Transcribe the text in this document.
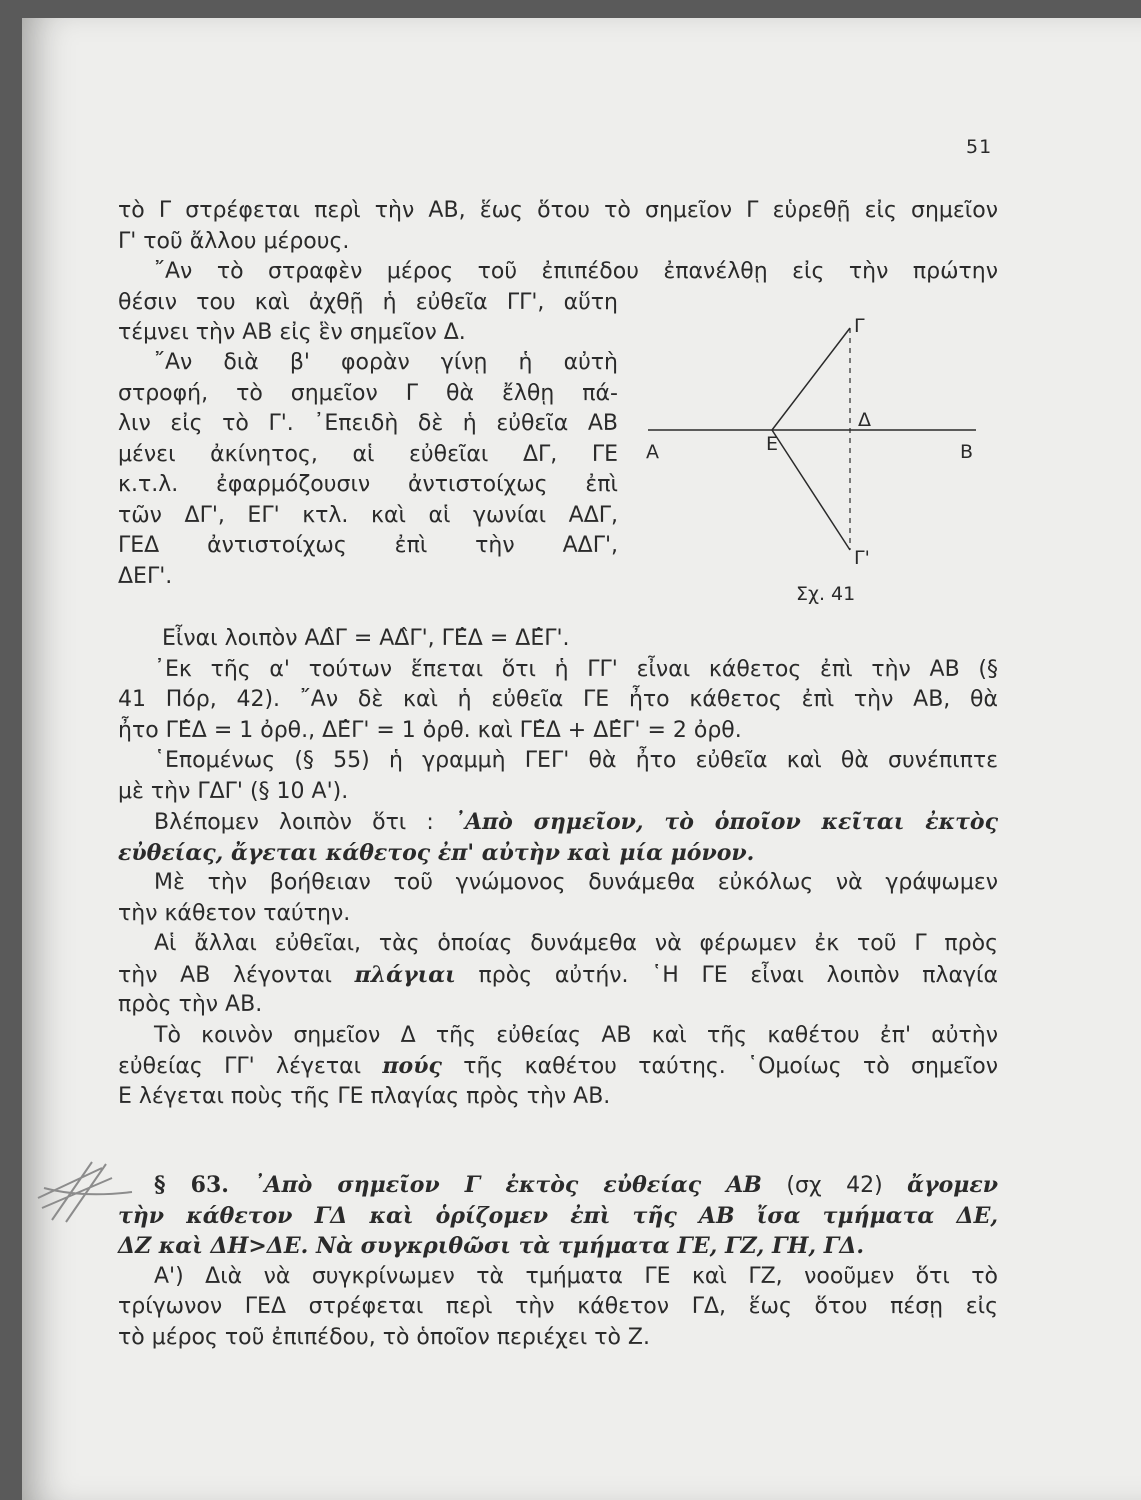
51
τὸ Γ στρέφεται περὶ τὴν ΑΒ, ἕως ὅτου τὸ σημεῖον Γ εὑρεθῇ εἰς σημεῖον
Γ' τοῦ ἄλλου μέρους.
῎Αν τὸ στραφὲν μέρος τοῦ ἐπιπέδου ἐπανέλθῃ εἰς τὴν πρώτην
θέσιν του καὶ ἀχθῇ ἡ εὐθεῖα ΓΓ', αὕτη
τέμνει τὴν ΑΒ εἰς ἓν σημεῖον Δ.
῎Αν διὰ β' φορὰν γίνῃ ἡ αὐτὴ
στροφή, τὸ σημεῖον Γ θὰ ἔλθῃ πά-
λιν εἰς τὸ Γ'. ᾿Επειδὴ δὲ ἡ εὐθεῖα ΑΒ
μένει ἀκίνητος, αἱ εὐθεῖαι ΔΓ, ΓΕ
κ.τ.λ. ἐφαρμόζουσιν ἀντιστοίχως ἐπὶ
τῶν ΔΓ', ΕΓ' κτλ. καὶ αἱ γωνίαι ΑΔΓ,
ΓΕΔ ἀντιστοίχως ἐπὶ τὴν ΑΔΓ',
ΔΕΓ'.
Γ
Δ
Α	Ε	Β
Γ'
Σχ. 41
Εἶναι λοιπὸν ΑΔ̂Γ = ΑΔ̂Γ', ΓΕ̂Δ = ΔΕ̂Γ'.
᾿Εκ τῆς α' τούτων ἕπεται ὅτι ἡ ΓΓ' εἶναι κάθετος ἐπὶ τὴν ΑΒ (§
41 Πόρ, 42). ῎Αν δὲ καὶ ἡ εὐθεῖα ΓΕ ἦτο κάθετος ἐπὶ τὴν ΑΒ, θὰ
ἦτο ΓΕ̂Δ = 1 ὀρθ., ΔΕ̂Γ' = 1 ὀρθ. καὶ ΓΕ̂Δ + ΔΕ̂Γ' = 2 ὀρθ.
῾Επομένως (§ 55) ἡ γραμμὴ ΓΕΓ' θὰ ἦτο εὐθεῖα καὶ θὰ συνέπιπτε
μὲ τὴν ΓΔΓ' (§ 10 Α').
Βλέπομεν λοιπὸν ὅτι : ᾿Απὸ σημεῖον, τὸ ὁποῖον κεῖται ἐκτὸς
εὐθείας, ἄγεται κάθετος ἐπ' αὐτὴν καὶ μία μόνον.
Μὲ τὴν βοήθειαν τοῦ γνώμονος δυνάμεθα εὐκόλως νὰ γράψωμεν
τὴν κάθετον ταύτην.
Αἱ ἄλλαι εὐθεῖαι, τὰς ὁποίας δυνάμεθα νὰ φέρωμεν ἐκ τοῦ Γ πρὸς
τὴν ΑΒ λέγονται πλάγιαι πρὸς αὐτήν. ῾Η ΓΕ εἶναι λοιπὸν πλαγία
πρὸς τὴν ΑΒ.
Τὸ κοινὸν σημεῖον Δ τῆς εὐθείας ΑΒ καὶ τῆς καθέτου ἐπ' αὐτὴν
εὐθείας ΓΓ' λέγεται πούς τῆς καθέτου ταύτης. ῾Ομοίως τὸ σημεῖον
Ε λέγεται ποὺς τῆς ΓΕ πλαγίας πρὸς τὴν ΑΒ.
§ 63. ᾿Απὸ σημεῖον Γ ἐκτὸς εὐθείας ΑΒ (σχ 42) ἄγομεν
τὴν κάθετον ΓΔ καὶ ὁρίζομεν ἐπὶ τῆς ΑΒ ἴσα τμήματα ΔΕ,
ΔΖ καὶ ΔΗ>ΔΕ. Νὰ συγκριθῶσι τὰ τμήματα ΓΕ, ΓΖ, ΓΗ, ΓΔ.
Α') Διὰ νὰ συγκρίνωμεν τὰ τμήματα ΓΕ καὶ ΓΖ, νοοῦμεν ὅτι τὸ
τρίγωνον ΓΕΔ στρέφεται περὶ τὴν κάθετον ΓΔ, ἕως ὅτου πέσῃ εἰς
τὸ μέρος τοῦ ἐπιπέδου, τὸ ὁποῖον περιέχει τὸ Ζ.
